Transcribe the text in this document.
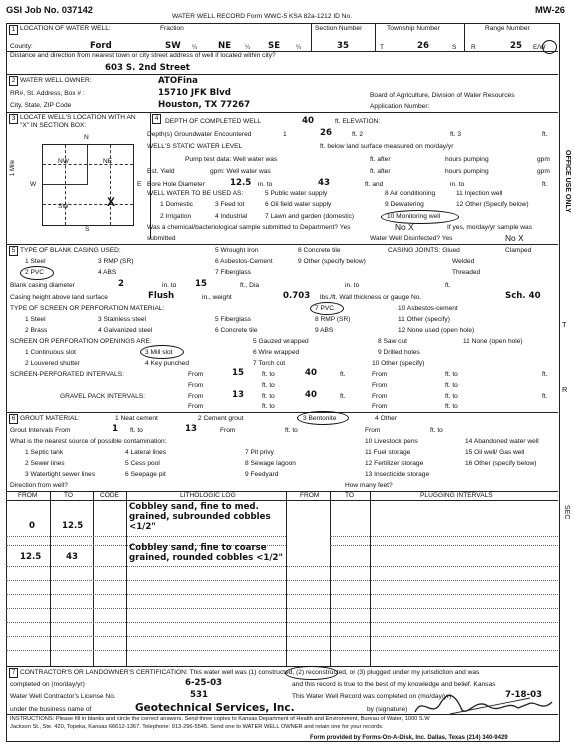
GSI Job No. 037142
WATER WELL RECORD Form WWC-5 KSA 82a-1212 ID No.
MW-26
1 LOCATION OF WATER WELL:
County:	Ford
Fraction
SW ¼ NE ¼ SE	¼
Section Number
35
Township Number
T	26	S
Range Number
R	25 E/W
Distance and direction from nearest town or city street address of well if located within city?
603 S. 2nd Street
2 WATER WELL OWNER:	ATOFina
RR#, St. Address, Box # :	15710 JFK Blvd
City, State, ZIP Code	Houston, TX 77267
Board of Agriculture, Division of Water Resources
Application Number:
3 LOCATE WELL'S LOCATION WITH AN "X" IN SECTION BOX:
N
S
W	E
1 Mile	NW	NE
SW	X
4	DEPTH OF COMPLETED WELL	40	ft. ELEVATION:
Depth(s) Groundwater Encountered	1	26	ft. 2	ft. 3	ft.
WELL'S STATIC WATER LEVEL	ft. below land surface measured on mo/day/yr
Pump test data: Well water was	ft. after	hours pumping	gpm
Est. Yield	gpm: Well water was	ft. after	hours pumping	gpm
Bore Hole Diameter	12.5 in. to	43	ft. and	in. to	ft.
WELL WATER TO BE USED AS:	5 Public water supply	8 Air conditioning	11 Injection well
1 Domestic	3 Feed lot	6 Oil field water supply	9 Dewatering	12 Other (Specify below)
2 Irrigation	4 Industrial	7 Lawn and garden (domestic)	10 Monitoring well
Was a chemical/bacteriological sample submitted to Department? Yes	No X	If yes, mo/day/yr sample was
submitted	Water Well Disinfected? Yes	No X
5 TYPE OF BLANK CASING USED:	5 Wrought Iron	8 Concrete tile
1 Steel	3 RMP (SR)	6 Asbestos-Cement	9 Other (specify below)
2 PVC	4 ABS	7 Fiberglass
CASING JOINTS: Glued	Clamped
Welded
Threaded
Blank casing diameter	2	in. to 15	ft., Dia	in. to	ft.
Casing height above land surface	Flush	in., weight	0.703 lbs./ft. Wall thickness or gauge No.	Sch. 40
TYPE OF SCREEN OR PERFORATION MATERIAL:	7 PVC	10 Asbestos-cement
1 Steel	3 Stainless steel	5 Fiberglass	8 RMP (SR)	11 Other (specify)
2 Brass	4 Galvanized steel	6 Concrete tile	9 ABS	12 None used (open hole)
SCREEN OR PERFORATION OPENINGS ARE:	5 Gauzed wrapped	8 Saw cut	11 None (open hole)
1 Continuous slot	3 Mill slot	6 Wire wrapped	9 Drilled holes
2 Louvered shutter	4 Key punched	7 Torch cut	10 Other (specify)
SCREEN-PERFORATED INTERVALS:	From	15	ft. to	40	ft.	From	ft. to	ft.
From	ft. to	From	ft. to
GRAVEL PACK INTERVALS:	From	13	ft. to	40	ft.	From	ft. to	ft.
From	ft. to	From	ft. to
6 GROUT MATERIAL:	1 Neat cement	2 Cement grout	3 Bentonite	4 Other
Grout Intervals From	1 ft. to	13	From	ft. to	From	ft. to
What is the nearest source of possible contamination:	10 Livestock pens	14 Abandoned water well
1 Septic tank	4 Lateral lines	7 Pit privy	11 Fuel storage	15 Oil well/ Gas well
2 Sewer lines	5 Cess pool	8 Sewage lagoon	12 Fertilizer storage	16 Other (specify below)
3 Watertight sewer lines	6 Seepage pit	9 Feedyard	13 Insecticide storage
Direction from well?	How many feet?
FROM	TO	CODE	LITHOLOGIC LOG	FROM	TO	PLUGGING INTERVALS
0	12.5
Cobbley sand, fine to med.
grained, subrounded cobbles
<1/2"
12.5	43
Cobbley sand, fine to coarse
grained, rounded cobbles <1/2"
7 CONTRACTOR'S OR LANDOWNER'S CERTIFICATION: This water well was (1) constructed, (2) reconstructed, or (3) plugged under my jurisdiction and was
completed on (mo/day/yr)	6-25-03	and this record is true to the best of my knowledge and belief. Kansas
Water Well Contractor's License No.	531	This Water Well Record was completed on (mo/day/yr)	7-18-03
under the business name of	Geotechnical Services, Inc.	by (signature)
INSTRUCTIONS: Please fill in blanks and circle the correct answers. Send three copies to Kansas Department of Health and Environment, Bureau of Water, 1000 S.W
Jackson St., Ste. 420, Topeka, Kansas 66612-1367. Telephone: 913-296-5545. Send one to WATER WELL OWNER and retain one for your records.
Form provided by Forms-On-A-Disk, Inc. Dallas, Texas (214) 340-9429
OFFICE USE ONLY
T
R
SEC
